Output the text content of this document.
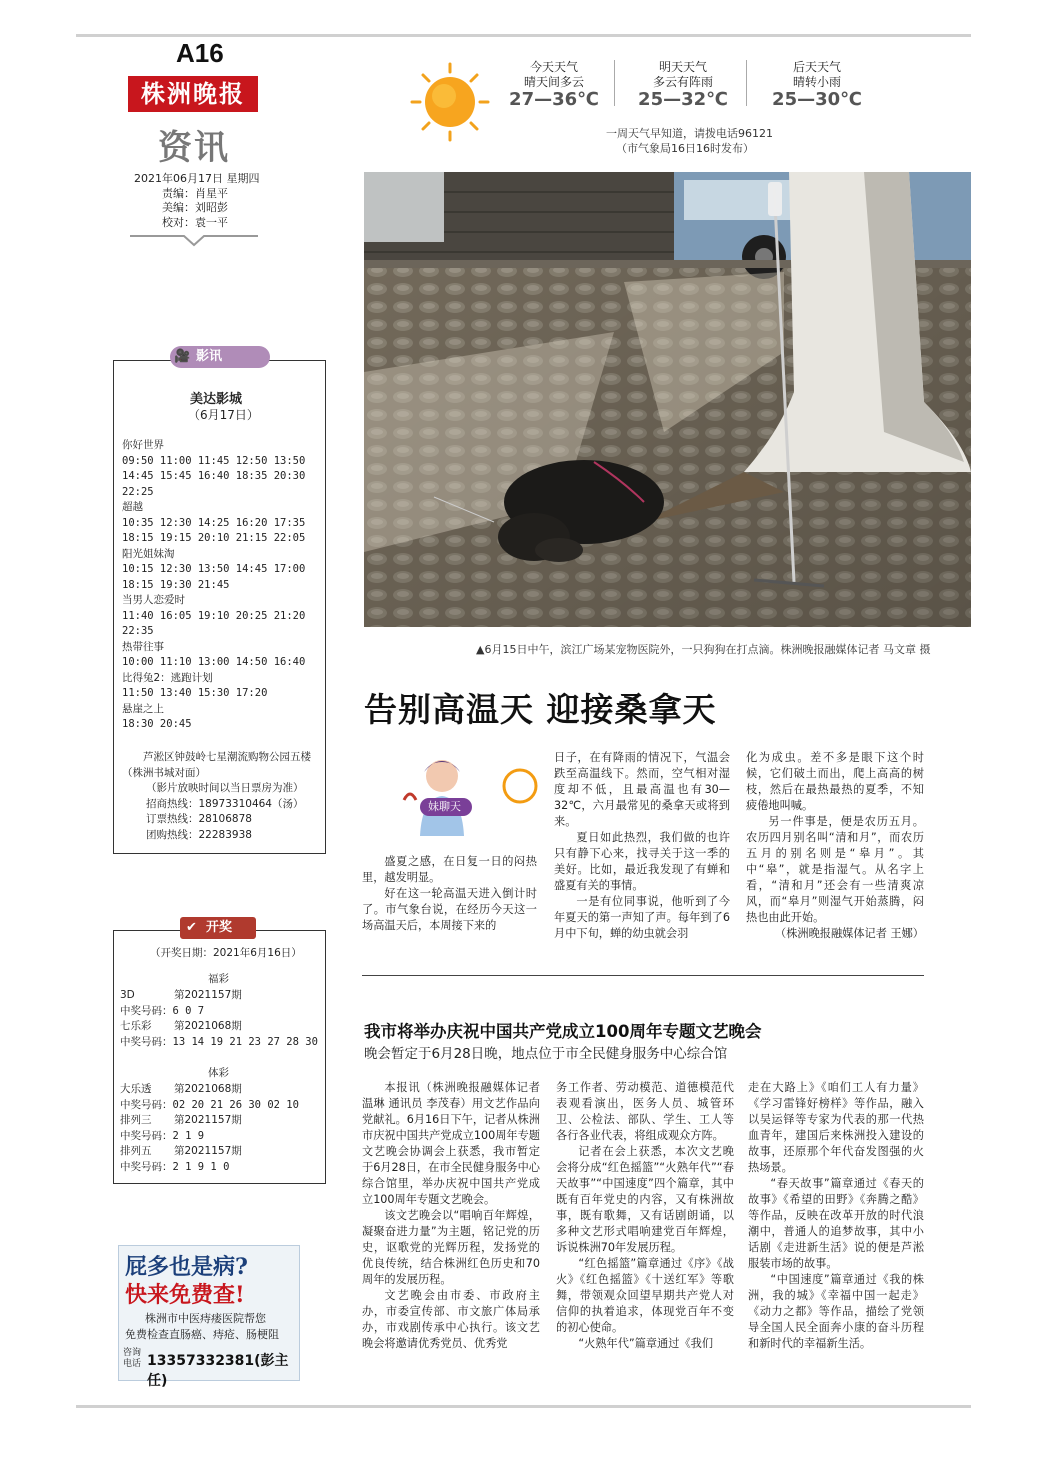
A16
株洲晚报
资讯
2021年06月17日 星期四
责编：肖星平
美编：刘昭彭
校对：袁一平
今天天气
晴天间多云
27—36℃
明天天气
多云有阵雨
25—32℃
后天天气
晴转小雨
25—30℃
一周天气早知道，请拨电话96121
（市气象局16日16时发布）
▲6月15日中午，滨江广场某宠物医院外，一只狗狗在打点滴。株洲晚报融媒体记者 马文章 摄
告别高温天 迎接桑拿天
妹聊天

盛夏之感，在日复一日的闷热里，越发明显。

好在这一轮高温天进入倒计时了。市气象台说，在经历今天这一场高温天后，本周接下来的

日子，在有降雨的情况下，气温会跌至高温线下。然而，空气相对湿度却不低，且最高温也有30—32℃，六月最常见的桑拿天或将到来。

夏日如此热烈，我们做的也许只有静下心来，找寻关于这一季的美好。比如，最近我发现了有蝉和盛夏有关的事情。

一是有位同事说，他听到了今年夏天的第一声知了声。每年到了6月中下旬，蝉的幼虫就会羽

化为成虫。差不多是眼下这个时候，它们破土而出，爬上高高的树枝，然后在最热最热的夏季，不知疲倦地叫喊。

另一件事是，便是农历五月。农历四月别名叫“清和月”，而农历五月的别名则是“皋月”。其中“皋”，就是指湿气。从名字上看，“清和月”还会有一些清爽凉风，而“皋月”则湿气开始蒸腾，闷热也由此开始。

（株洲晚报融媒体记者 王娜）

我市将举办庆祝中国共产党成立100周年专题文艺晚会
晚会暂定于6月28日晚，地点位于市全民健身服务中心综合馆

本报讯（株洲晚报融媒体记者 温琳 通讯员 李茂春）用文艺作品向党献礼。6月16日下午，记者从株洲市庆祝中国共产党成立100周年专题文艺晚会协调会上获悉，我市暂定于6月28日，在市全民健身服务中心综合馆里，举办庆祝中国共产党成立100周年专题文艺晚会。

该文艺晚会以“唱响百年辉煌，凝聚奋进力量”为主题，铭记党的历史，讴歌党的光辉历程，发扬党的优良传统，结合株洲红色历史和70周年的发展历程。

文艺晚会由市委、市政府主办，市委宣传部、市文旅广体局承办，市戏剧传承中心执行。该文艺晚会将邀请优秀党员、优秀党

务工作者、劳动模范、道德模范代表观看演出，医务人员、城管环卫、公检法、部队、学生、工人等各行各业代表，将组成观众方阵。

记者在会上获悉，本次文艺晚会将分成“红色摇篮”“火熟年代”“春天故事”“中国速度”四个篇章，其中既有百年党史的内容，又有株洲故事，既有歌舞，又有话剧朗诵，以多种文艺形式唱响建党百年辉煌，诉说株洲70年发展历程。

“红色摇篮”篇章通过《序》《战火》《红色摇篮》《十送红军》等歌舞，带领观众回望早期共产党人对信仰的执着追求，体现党百年不变的初心使命。

“火熟年代”篇章通过《我们

走在大路上》《咱们工人有力量》《学习雷锋好榜样》等作品，融入以吴运铎等专家为代表的那一代热血青年，建国后来株洲投入建设的故事，还原那个年代奋发图强的火热场景。

“春天故事”篇章通过《春天的故事》《希望的田野》《奔腾之酷》等作品，反映在改革开放的时代浪潮中，普通人的追梦故事，其中小话剧《走进新生活》说的便是芦淞服装市场的故事。

“中国速度”篇章通过《我的株洲，我的城》《幸福中国一起走》《动力之都》等作品，描绘了党领导全国人民全面奔小康的奋斗历程和新时代的幸福新生活。

🎥 影讯
美达影城
（6月17日）
你好世界
09:50 11:00 11:45 12:50 13:50
14:45 15:45 16:40 18:35 20:30
22:25
超越
10:35 12:30 14:25 16:20 17:35
18:15 19:15 20:10 21:15 22:05
阳光姐妹淘
10:15 12:30 13:50 14:45 17:00
18:15 19:30 21:45
当男人恋爱时
11:40 16:05 19:10 20:25 21:20
22:35
热带往事
10:00 11:10 13:00 14:50 16:40
比得兔2：逃跑计划
11:50 13:40 15:30 17:20
悬崖之上
18:30 20:45
芦淞区钟鼓岭七星潮流购物公园五楼（株洲书城对面）
（影片放映时间以当日票房为准）
招商热线：18973310464（汤）
订票热线：28106878
团购热线：22283938
✔ 开奖
（开奖日期：2021年6月16日）
福彩
3D	第2021157期
中奖号码：6 0 7
七乐彩 第2021068期
中奖号码：13 14 19 21 23 27 28 30
体彩
大乐透 第2021068期
中奖号码：02 20 21 26 30 02 10
排列三 第2021157期
中奖号码：2 1 9
排列五 第2021157期
中奖号码：2 1 9 1 0
屁多也是病?
快来免费查!
株洲市中医痔瘘医院帮您
免费检查直肠癌、痔疮、肠梗阻
咨询电话 13357332381(彭主任)
